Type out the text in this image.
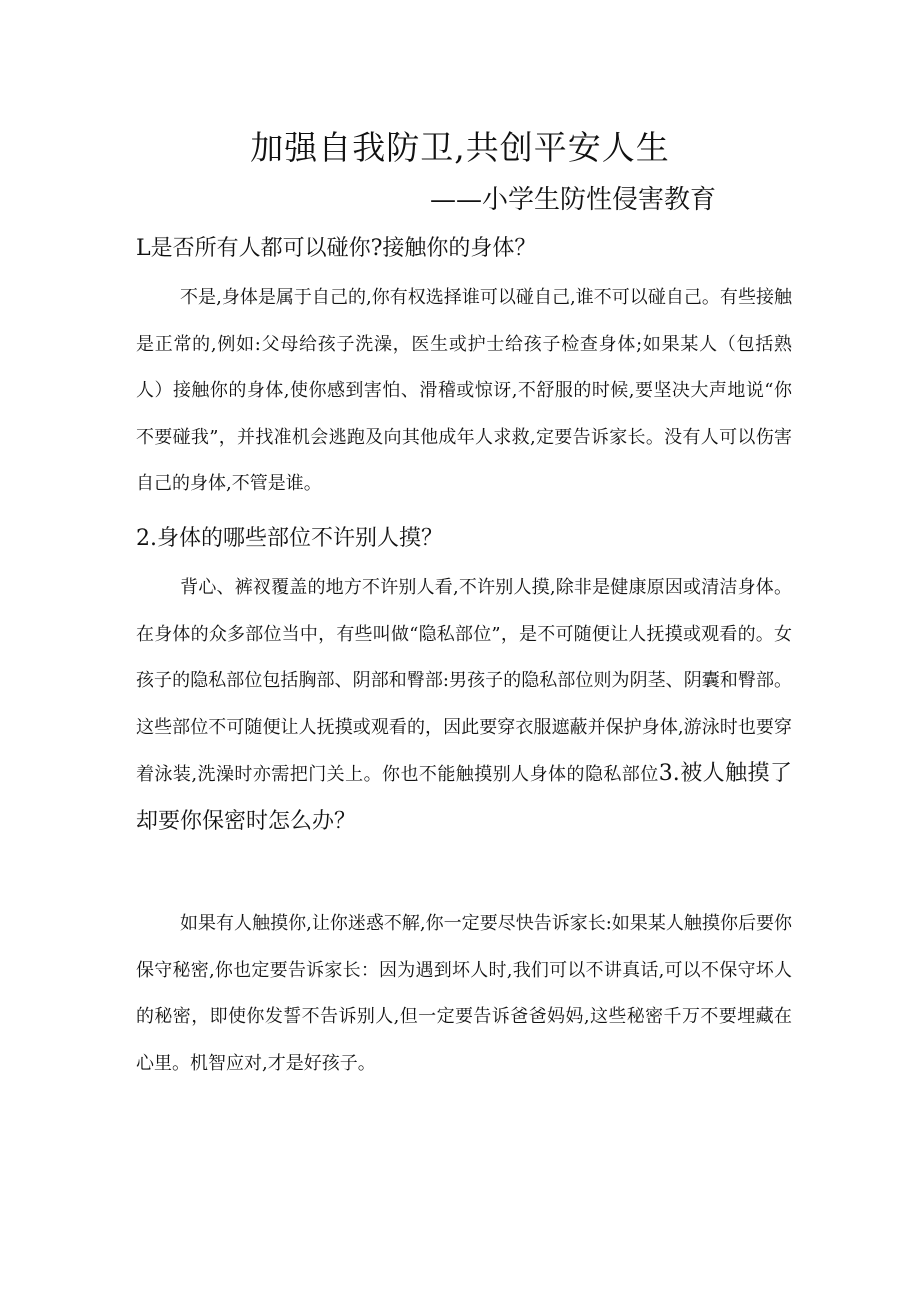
加强自我防卫,共创平安人生
——小学生防性侵害教育
L是否所有人都可以碰你?接触你的身体？

不是,身体是属于自己的,你有权选择谁可以碰自己,谁不可以碰自己。有些接触是正常的,例如:父母给孩子洗澡，医生或护士给孩子检查身体;如果某人（包括熟人）接触你的身体,使你感到害怕、滑稽或惊讶,不舒服的时候,要坚决大声地说“你不要碰我”，并找准机会逃跑及向其他成年人求救,定要告诉家长。没有人可以伤害自己的身体,不管是谁。

2.身体的哪些部位不许别人摸？

背心、裤衩覆盖的地方不许别人看,不许别人摸,除非是健康原因或清洁身体。在身体的众多部位当中，有些叫做“隐私部位”，是不可随便让人抚摸或观看的。女孩子的隐私部位包括胸部、阴部和臀部:男孩子的隐私部位则为阴茎、阴囊和臀部。这些部位不可随便让人抚摸或观看的，因此要穿衣服遮蔽并保护身体,游泳时也要穿着泳装,洗澡时亦需把门关上。你也不能触摸别人身体的隐私部位3.被人触摸了却要你保密时怎么办？

如果有人触摸你,让你迷惑不解,你一定要尽快告诉家长:如果某人触摸你后要你保守秘密,你也定要告诉家长：因为遇到坏人时,我们可以不讲真话,可以不保守坏人的秘密，即使你发誓不告诉别人,但一定要告诉爸爸妈妈,这些秘密千万不要埋藏在心里。机智应对,才是好孩子。
